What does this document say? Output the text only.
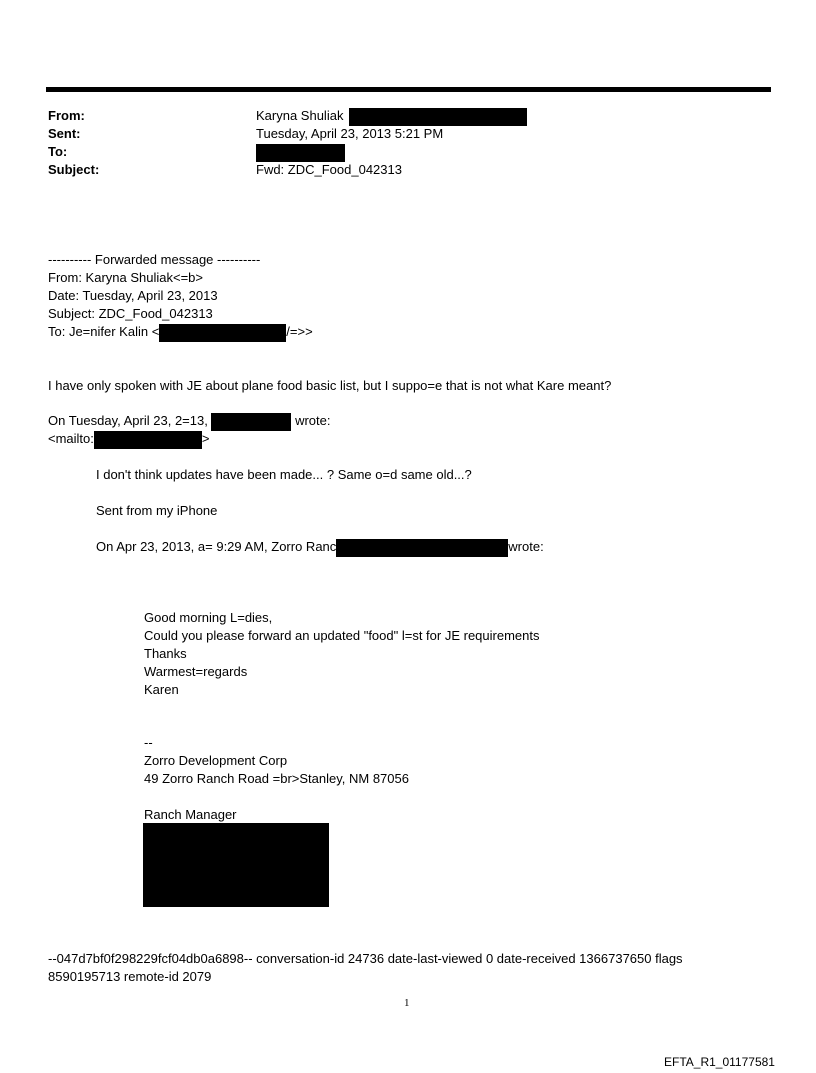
From:	Karyna Shuliak
Sent:	Tuesday, April 23, 2013 5:21 PM
To:
Subject:	Fwd: ZDC_Food_042313
---------- Forwarded message ----------
From: Karyna Shuliak<=b>
Date: Tuesday, April 23, 2013
Subject: ZDC_Food_042313
To: Je=nifer Kalin <	/=>>
I have only spoken with JE about plane food basic list, but I suppo=e that is not what Kare meant?
On Tuesday, April 23, 2=13,	wrote:
<mailto:	>
I don't think updates have been made... ? Same o=d same old...?
Sent from my iPhone
On Apr 23, 2013, a= 9:29 AM, Zorro Ranc	wrote:
Good morning L=dies,
Could you please forward an updated "food" l=st for JE requirements
Thanks
Warmest=regards
Karen
--
Zorro Development Corp
49 Zorro Ranch Road =br>Stanley, NM 87056
Ranch Manager
--047d7bf0f298229fcf04db0a6898-- conversation-id 24736 date-last-viewed 0 date-received 1366737650 flags
8590195713 remote-id 2079
1
EFTA_R1_01177581
